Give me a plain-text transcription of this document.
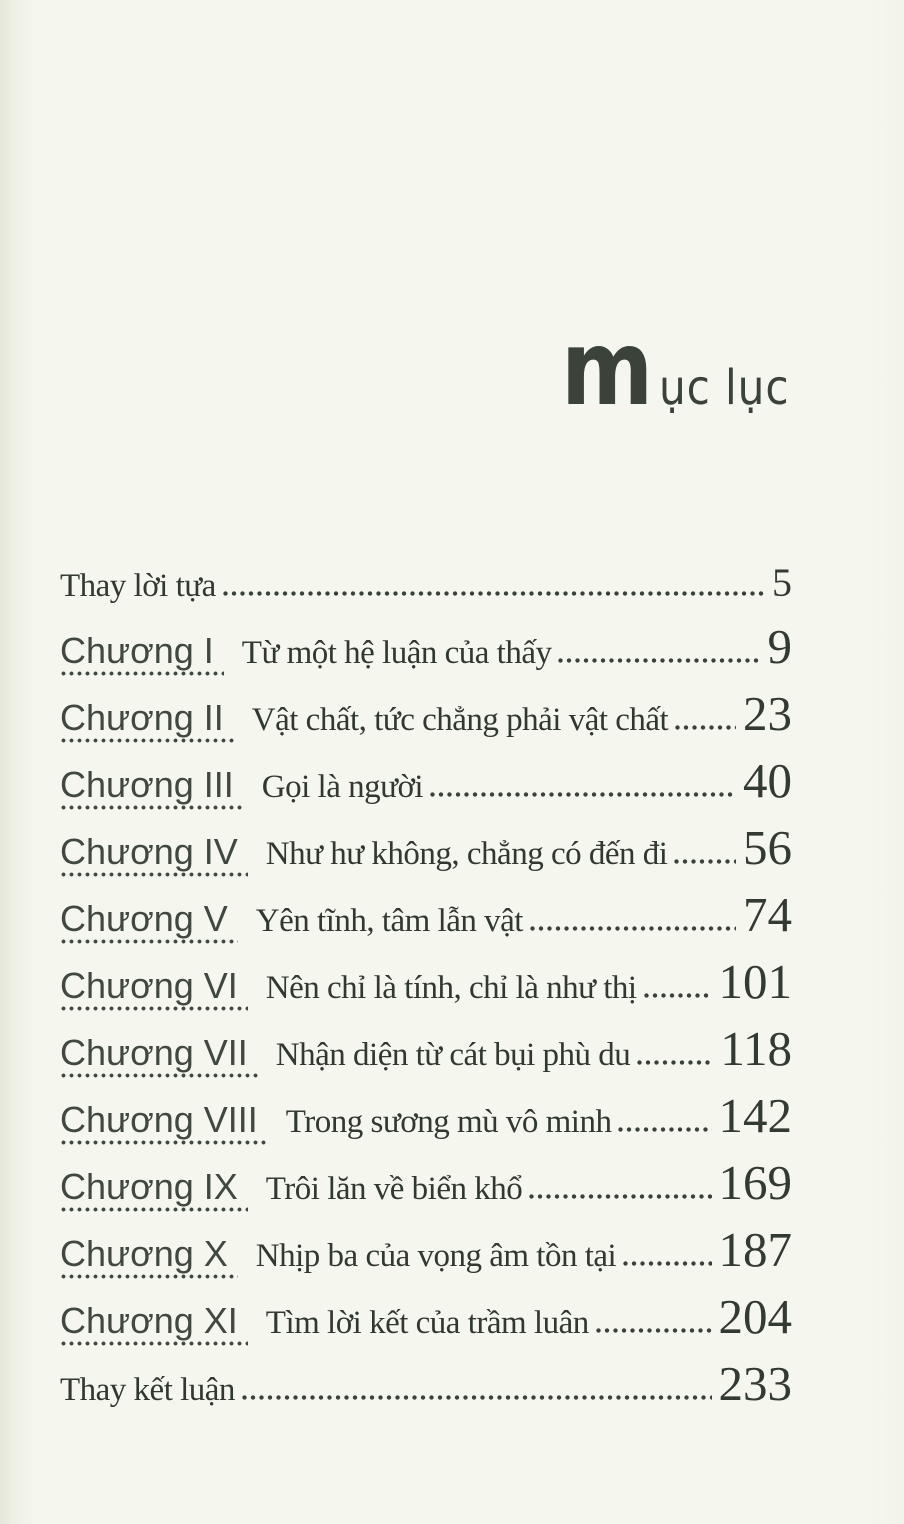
m ục lục
Thay lời tựa	5
Chương I Từ một hệ luận của thấy	9
Chương II Vật chất, tức chẳng phải vật chất 23
Chương III Gọi là người	40
Chương IV Như hư không, chẳng có đến đi 56
Chương V Yên tĩnh, tâm lẫn vật	74
Chương VI Nên chỉ là tính, chỉ là như thị 101
Chương VII Nhận diện từ cát bụi phù du 118
Chương VIII Trong sương mù vô minh 142
Chương IX Trôi lăn về biển khổ	169
Chương X Nhịp ba của vọng âm tồn tại 187
Chương XI Tìm lời kết của trầm luân	204
Thay kết luận	233
